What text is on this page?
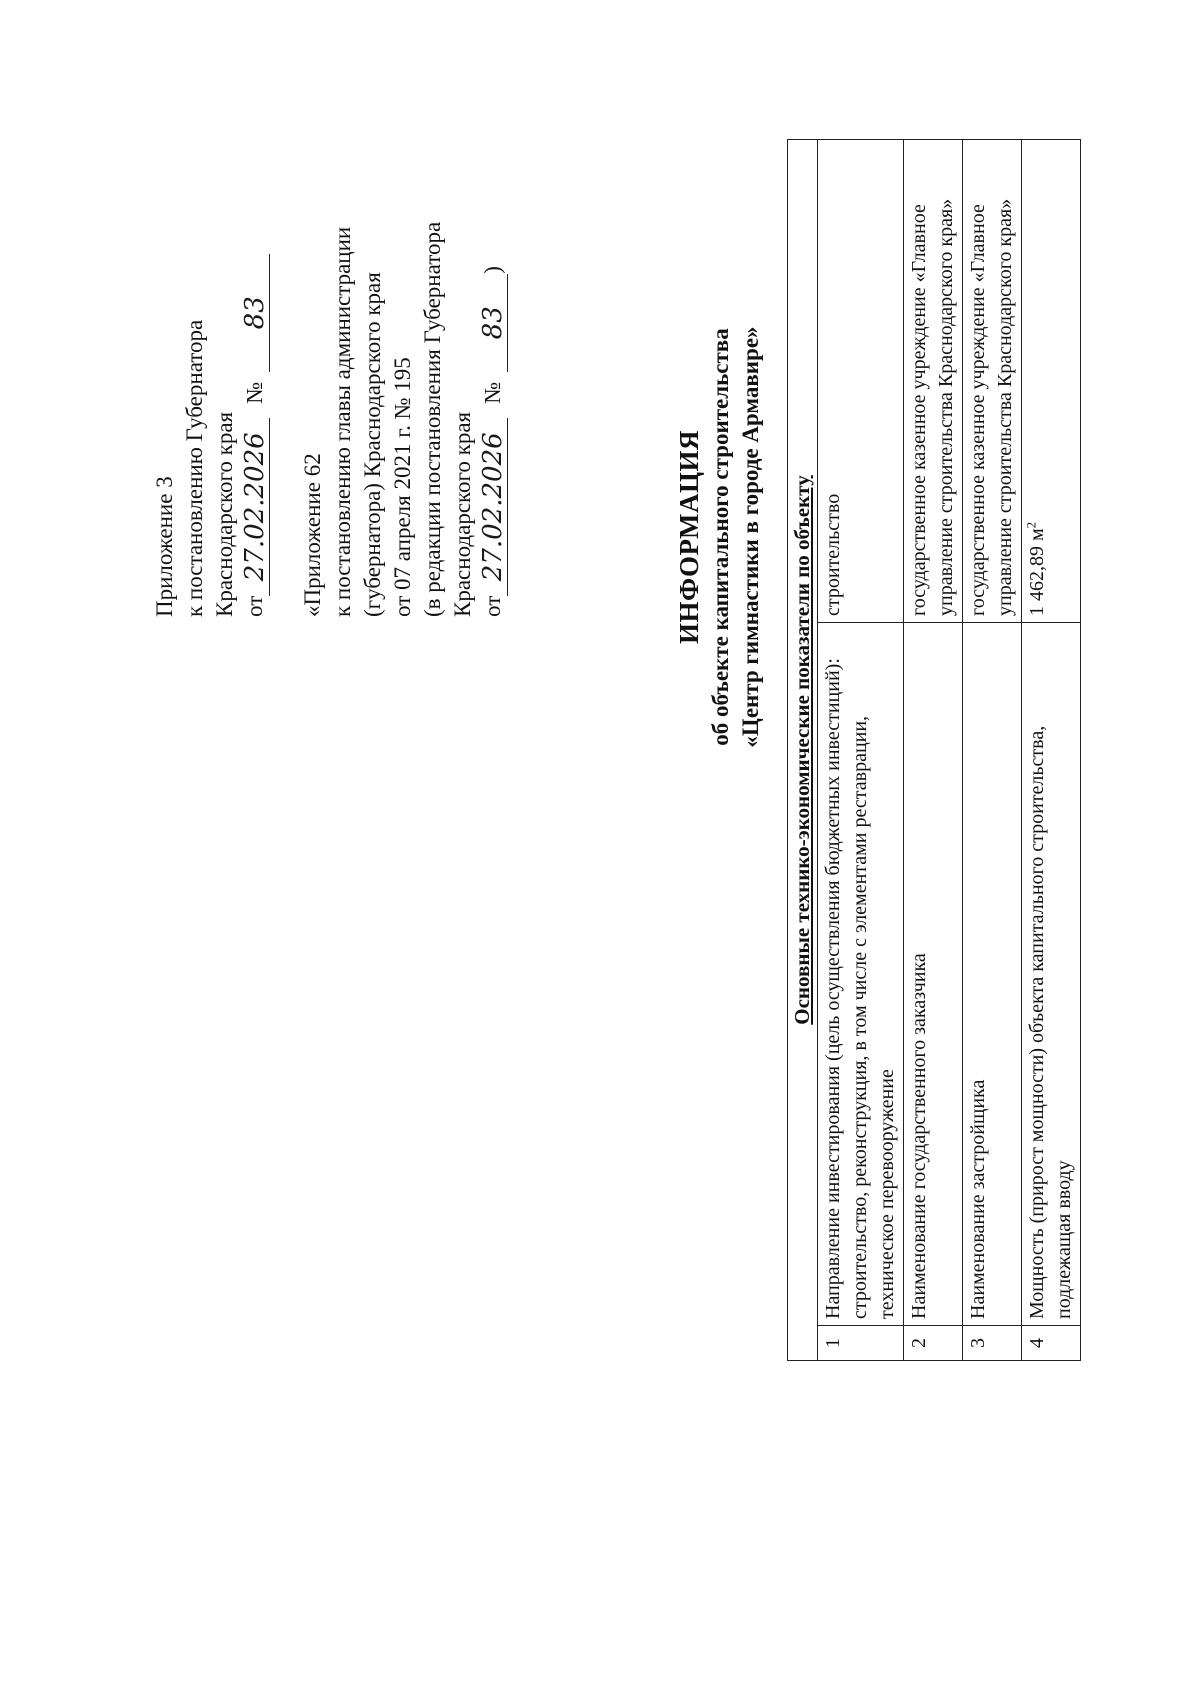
Приложение 3 к постановлению Губернатора Краснодарского края от
27.02.2026
№
83
«Приложение 62 к постановлению главы администрации (губернатора) Краснодарского края от 07 апреля 2021 г. № 195 (в редакции постановления Губернатора Краснодарского края от
27.02.2026
№
83
)
ИНФОРМАЦИЯ об объекте капитального строительства «Центр гимнастики в городе Армавире» Основные технико-экономические показатели по объекту		
1	Направление инвестирования (цель осуществления бюджетных инвестиций): строительство, реконструкция, в том числе с элементами реставрации, техническое перевооружение	строительство
2	Наименование государственного заказчика	государственное казенное учреждение «Главное управление строительства Краснодарского края»
3	Наименование застройщика	государственное казенное учреждение «Главное управление строительства Краснодарского края»
4	Мощность (прирост мощности) объекта капитального строительства, подлежащая вводу	1 462,89 $м^2$
